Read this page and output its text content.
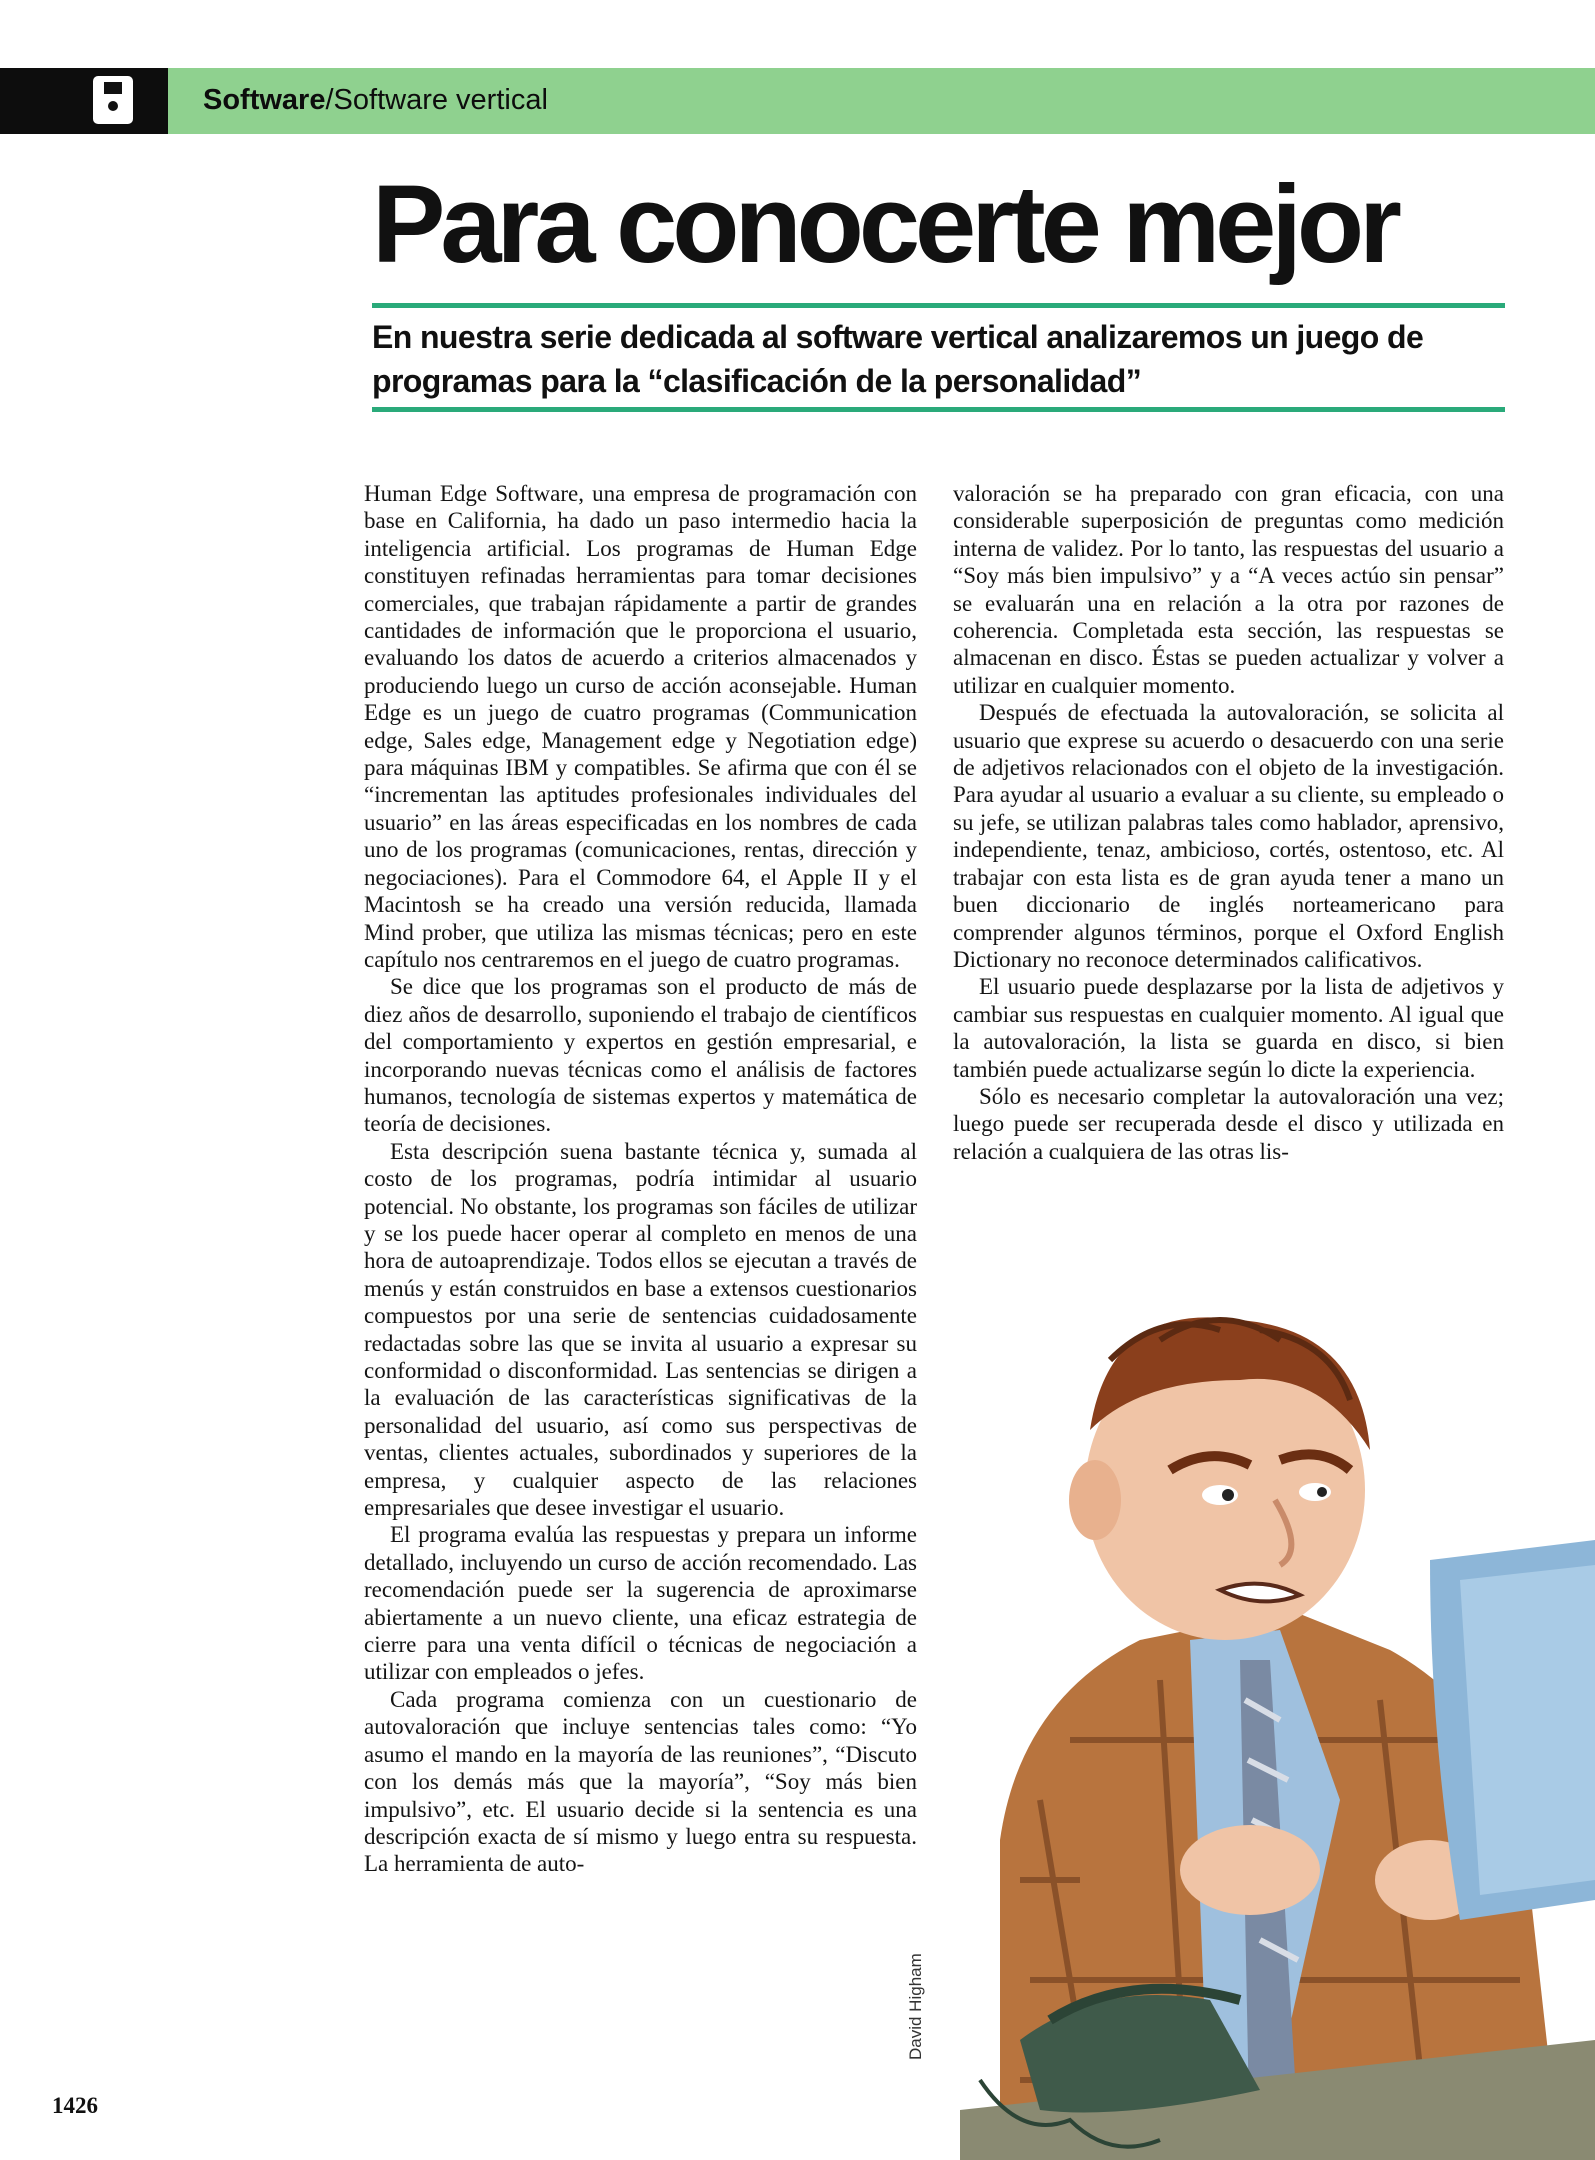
Software/Software vertical
Para conocerte mejor
En nuestra serie dedicada al software vertical analizaremos un juego de programas para la “clasificación de la personalidad”

Human Edge Software, una empresa de programación con base en California, ha dado un paso intermedio hacia la inteligencia artificial. Los programas de Human Edge constituyen refinadas herramientas para tomar decisiones comerciales, que trabajan rápidamente a partir de grandes cantidades de información que le proporciona el usuario, evaluando los datos de acuerdo a criterios almacenados y produciendo luego un curso de acción aconsejable. Human Edge es un juego de cuatro programas (Communication edge, Sales edge, Management edge y Negotiation edge) para máquinas IBM y compatibles. Se afirma que con él se “incrementan las aptitudes profesionales individuales del usuario” en las áreas especificadas en los nombres de cada uno de los programas (comunicaciones, rentas, dirección y negociaciones). Para el Commodore 64, el Apple II y el Macintosh se ha creado una versión reducida, llamada Mind prober, que utiliza las mismas técnicas; pero en este capítulo nos centraremos en el juego de cuatro programas.

Se dice que los programas son el producto de más de diez años de desarrollo, suponiendo el trabajo de científicos del comportamiento y expertos en gestión empresarial, e incorporando nuevas técnicas como el análisis de factores humanos, tecnología de sistemas expertos y matemática de teoría de decisiones.

Esta descripción suena bastante técnica y, sumada al costo de los programas, podría intimidar al usuario potencial. No obstante, los programas son fáciles de utilizar y se los puede hacer operar al completo en menos de una hora de autoaprendizaje. Todos ellos se ejecutan a través de menús y están construidos en base a extensos cuestionarios compuestos por una serie de sentencias cuidadosamente redactadas sobre las que se invita al usuario a expresar su conformidad o disconformidad. Las sentencias se dirigen a la evaluación de las características significativas de la personalidad del usuario, así como sus perspectivas de ventas, clientes actuales, subordinados y superiores de la empresa, y cualquier aspecto de las relaciones empresariales que desee investigar el usuario.

El programa evalúa las respuestas y prepara un informe detallado, incluyendo un curso de acción recomendado. Las recomendación puede ser la sugerencia de aproximarse abiertamente a un nuevo cliente, una eficaz estrategia de cierre para una venta difícil o técnicas de negociación a utilizar con empleados o jefes.

Cada programa comienza con un cuestionario de autovaloración que incluye sentencias tales como: “Yo asumo el mando en la mayoría de las reuniones”, “Discuto con los demás más que la mayoría”, “Soy más bien impulsivo”, etc. El usuario decide si la sentencia es una descripción exacta de sí mismo y luego entra su respuesta. La herramienta de auto-

valoración se ha preparado con gran eficacia, con una considerable superposición de preguntas como medición interna de validez. Por lo tanto, las respuestas del usuario a “Soy más bien impulsivo” y a “A veces actúo sin pensar” se evaluarán una en relación a la otra por razones de coherencia. Completada esta sección, las respuestas se almacenan en disco. Éstas se pueden actualizar y volver a utilizar en cualquier momento.

Después de efectuada la autovaloración, se solicita al usuario que exprese su acuerdo o desacuerdo con una serie de adjetivos relacionados con el objeto de la investigación. Para ayudar al usuario a evaluar a su cliente, su empleado o su jefe, se utilizan palabras tales como hablador, aprensivo, independiente, tenaz, ambicioso, cortés, ostentoso, etc. Al trabajar con esta lista es de gran ayuda tener a mano un buen diccionario de inglés norteamericano para comprender algunos términos, porque el Oxford English Dictionary no reconoce determinados calificativos.

El usuario puede desplazarse por la lista de adjetivos y cambiar sus respuestas en cualquier momento. Al igual que la autovaloración, la lista se guarda en disco, si bien también puede actualizarse según lo dicte la experiencia.

Sólo es necesario completar la autovaloración una vez; luego puede ser recuperada desde el disco y utilizada en relación a cualquiera de las otras lis-

David Higham
1426
